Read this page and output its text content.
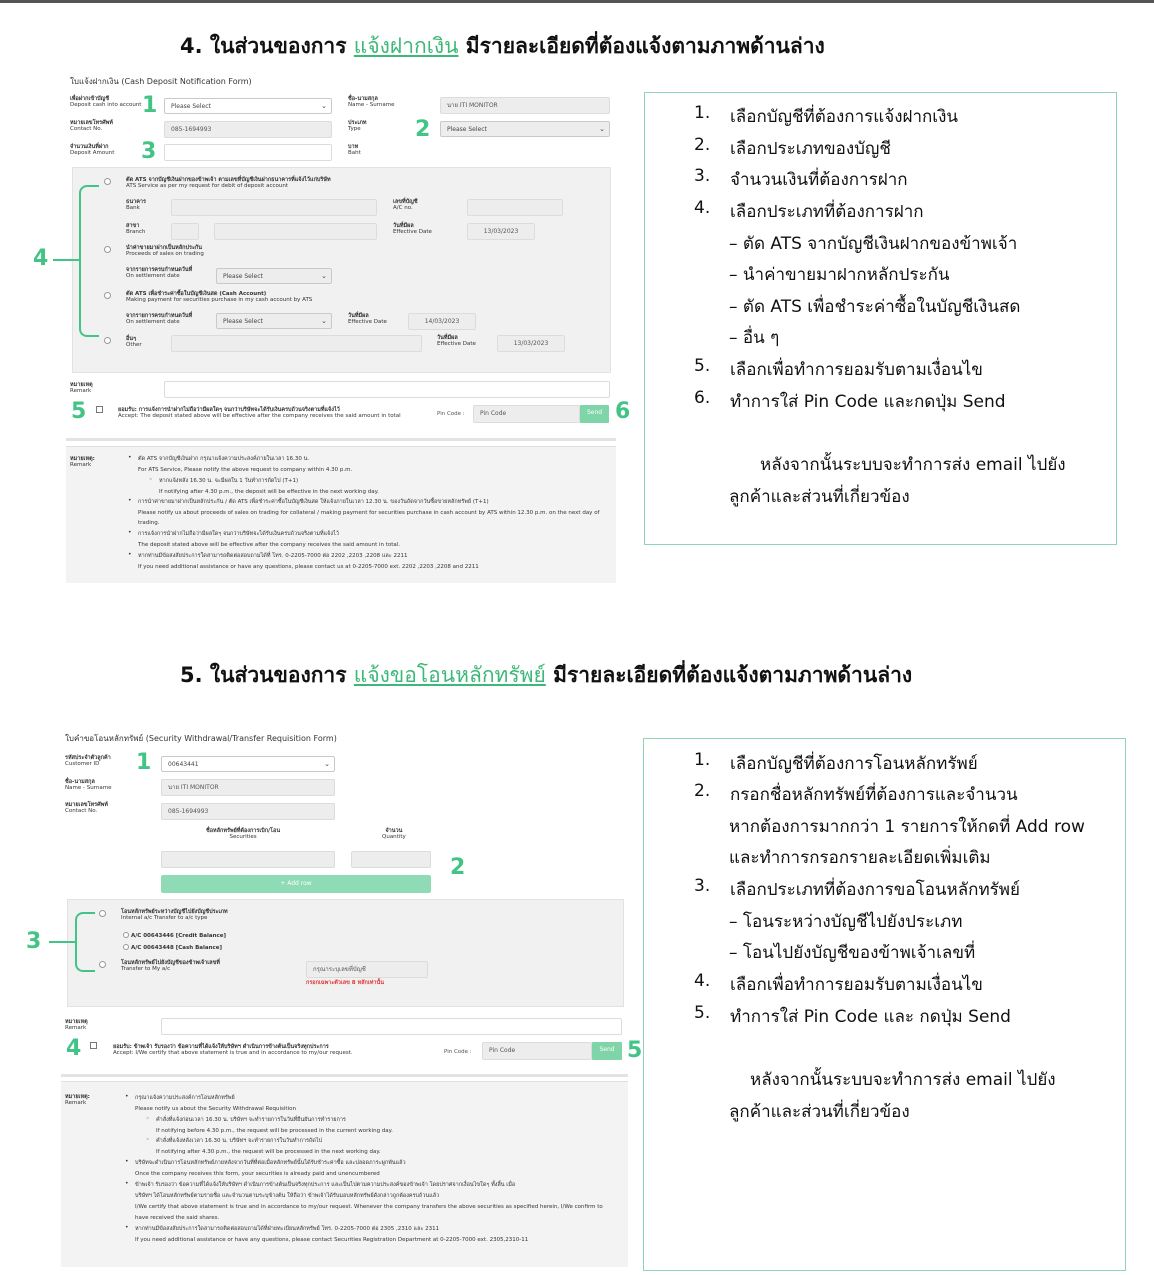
4. ในส่วนของการ แจ้งฝากเงิน มีรายละเอียดที่ต้องแจ้งตามภาพด้านล่าง
ใบแจ้งฝากเงิน (Cash Deposit Notification Form)
เพื่อฝากเข้าบัญชี
Deposit cash into account	Please Select	⌄
ชื่อ-นามสกุล
Name - Surname	นาย ITI MONITOR
หมายเลขโทรศัพท์
Contact No.	085-1694993
ประเภท
Type	Please Select	⌄
จำนวนเงินที่ฝาก
Deposit Amount
บาท
Baht
ตัด ATS จากบัญชีเงินฝากของข้าพเจ้า ตามเลขที่บัญชีเงินฝากธนาคารที่แจ้งไว้แก่บริษัท
ATS Service as per my request for debit of deposit account
ธนาคาร
Bank
เลขที่บัญชี
A/C no.
สาขา
Branch
วันที่มีผล
Effective Date	13/03/2023
นำค่าขายมาฝากเป็นหลักประกัน
Proceeds of sales on trading
จากรายการครบกำหนดวันที่
On settlement date	Please Select	⌄
ตัด ATS เพื่อชำระค่าซื้อในบัญชีเงินสด (Cash Account)
Making payment for securities purchase in my cash account by ATS
จากรายการครบกำหนดวันที่
On settlement date	Please Select	⌄
วันที่มีผล
Effective Date	14/03/2023
อื่นๆ
Other
วันที่มีผล
Effective Date	13/03/2023
หมายเหตุ
Remark
ยอมรับ: การแจ้งการนำฝากไม่ถือว่ามีผลใดๆ จนกว่าบริษัทจะได้รับเงินครบถ้วนจริงตามที่แจ้งไว้
Accept: The deposit stated above will be effective after the company receives the said amount in total	Pin Code :	Pin Code	Send
หมายเหตุ:
Remark
• ตัด ATS จากบัญชีเงินฝาก กรุณาแจ้งความประสงค์ภายในเวลา 16.30 น.
For ATS Service, Please notify the above request to company within 4.30 p.m.
◦ หากแจ้งหลัง 16.30 น. จะมีผลใน 1 วันทำการถัดไป (T+1)
If notifying after 4.30 p.m., the deposit will be effective in the next working day.
• การนำค่าขายมาฝากเป็นหลักประกัน / ตัด ATS เพื่อชำระค่าซื้อในบัญชีเงินสด ให้แจ้งภายในเวลา 12.30 น. ของวันถัดจากวันซื้อขายหลักทรัพย์ (T+1)
Please notify us about proceeds of sales on trading for collateral / making payment for securities purchase in cash account by ATS within 12.30 p.m. on the next day of
trading.
• การแจ้งการนำฝากไม่ถือว่ามีผลใดๆ จนกว่าบริษัทจะได้รับเงินครบถ้วนจริงตามที่แจ้งไว้
The deposit stated above will be effective after the company receives the said amount in total.
• หากท่านมีข้อสงสัยประการใดสามารถติดต่อสอบถามได้ที่ โทร. 0-2205-7000 ต่อ 2202 ,2203 ,2208 และ 2211
If you need additional assistance or have any questions, please contact us at 0-2205-7000 ext. 2202 ,2203 ,2208 and 2211
1
2
3
4
5	6
1. เลือกบัญชีที่ต้องการแจ้งฝากเงิน
2. เลือกประเภทของบัญชี
3. จำนวนเงินที่ต้องการฝาก
4. เลือกประเภทที่ต้องการฝาก
– ตัด ATS จากบัญชีเงินฝากของข้าพเจ้า
– นำค่าขายมาฝากหลักประกัน
– ตัด ATS เพื่อชำระค่าซื้อในบัญชีเงินสด
– อื่น ๆ
5. เลือกเพื่อทำการยอมรับตามเงื่อนไข
6. ทำการใส่ Pin Code และกดปุ่ม Send
หลังจากนั้นระบบจะทำการส่ง email ไปยัง
ลูกค้าและส่วนที่เกี่ยวข้อง
5. ในส่วนของการ แจ้งขอโอนหลักทรัพย์ มีรายละเอียดที่ต้องแจ้งตามภาพด้านล่าง
ใบคำขอโอนหลักทรัพย์ (Security Withdrawal/Transfer Requisition Form)
รหัสประจำตัวลูกค้า
Customer ID	00643441	⌄
ชื่อ-นามสกุล
Name - Surname	นาย ITI MONITOR
หมายเลขโทรศัพท์
Contact No.	085-1694993
ชื่อหลักทรัพย์ที่ต้องการเบิก/โอน
Securities
จำนวน
Quantity
+ Add row
โอนหลักทรัพย์ระหว่างบัญชีไปยังบัญชีประเภท
Internal a/c Transfer to a/c type
A/C 00643446 [Credit Balance]
A/C 00643448 [Cash Balance]
โอนหลักทรัพย์ไปยังบัญชีของข้าพเจ้าเลขที่
Transfer to My a/c	กรุณาระบุเลขที่บัญชี
กรอกเฉพาะตัวเลข 8 หลักเท่านั้น
หมายเหตุ
Remark
ยอมรับ: ข้าพเจ้า รับรองว่า ข้อความที่ได้แจ้งให้บริษัทฯ ดำเนินการข้างต้นเป็นจริงทุกประการ
Accept: I/We certify that above statement is true and in accordance to my/our request.	Pin Code :	Pin Code	Send
หมายเหตุ:
Remark
• กรุณาแจ้งความประสงค์การโอนหลักทรัพย์
Please notify us about the Security Withdrawal Requisition
◦ คำสั่งที่แจ้งก่อนเวลา 16.30 น. บริษัทฯ จะทำรายการในวันที่ยืนยันการทำรายการ
If notifying before 4.30 p.m., the request will be processed in the current working day.
◦ คำสั่งที่แจ้งหลังเวลา 16.30 น. บริษัทฯ จะทำรายการในวันทำการถัดไป
If notifying after 4.30 p.m., the request will be processed in the next working day.
• บริษัทจะดำเนินการโอนหลักทรัพย์ภายหลังจากวันที่ที่ต่อเมื่อหลักทรัพย์นั้นได้รับชำระค่าซื้อ และปลอดภาระผูกพันแล้ว
Once the company receives this form, your securities is already paid and unencumbered
• ข้าพเจ้า รับรองว่า ข้อความที่ได้แจ้งให้บริษัทฯ ดำเนินการข้างต้นเป็นจริงทุกประการ และเป็นไปตามความประสงค์ของข้าพเจ้า โดยปราศจากเงื่อนไขใดๆ ทั้งสิ้น เมื่อ
บริษัทฯ ได้โอนหลักทรัพย์ตามรายชื่อ และจำนวนตามระบุข้างต้น ให้ถือว่า ข้าพเจ้าได้รับมอบหลักทรัพย์ดังกล่าวถูกต้องครบถ้วนแล้ว
I/We certify that above statement is true and in accordance to my/our request. Whenever the company transfers the above securities as specified herein, I/We confirm to
have received the said shares.
• หากท่านมีข้อสงสัยประการใดสามารถติดต่อสอบถามได้ที่ฝ่ายทะเบียนหลักทรัพย์ โทร. 0-2205-7000 ต่อ 2305 ,2310 และ 2311
If you need additional assistance or have any questions, please contact Securities Registration Department at 0-2205-7000 ext. 2305,2310-11
1
2
3
4	5
1. เลือกบัญชีที่ต้องการโอนหลักทรัพย์
2. กรอกชื่อหลักทรัพย์ที่ต้องการและจำนวน
หากต้องการมากกว่า 1 รายการให้กดที่ Add row
และทำการกรอกรายละเอียดเพิ่มเติม
3. เลือกประเภทที่ต้องการขอโอนหลักทรัพย์
– โอนระหว่างบัญชีไปยังประเภท
– โอนไปยังบัญชีของข้าพเจ้าเลขที่
4. เลือกเพื่อทำการยอมรับตามเงื่อนไข
5. ทำการใส่ Pin Code และ กดปุ่ม Send
หลังจากนั้นระบบจะทำการส่ง email ไปยัง
ลูกค้าและส่วนที่เกี่ยวข้อง
